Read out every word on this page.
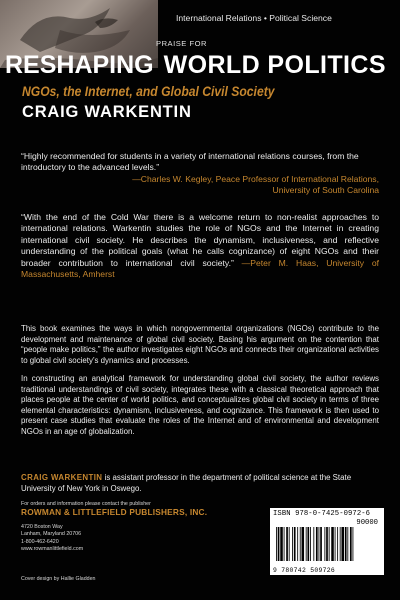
International Relations • Political Science
PRAISE FOR
RESHAPING WORLD POLITICS
NGOs, the Internet, and Global Civil Society
CRAIG WARKENTIN

“Highly recommended for students in a variety of international relations courses, from the introductory to the advanced levels.”

—Charles W. Kegley, Peace Professor of International Relations,

University of South Carolina

“With the end of the Cold War there is a welcome return to non-realist approaches to international relations. Warkentin studies the role of NGOs and the Internet in creating international civil society. He describes the dynamism, inclusiveness, and reflective understanding of the political goals (what he calls cognizance) of eight NGOs and their broader contribution to international civil society.” —Peter M. Haas, University of Massachusetts, Amherst

This book examines the ways in which nongovernmental organizations (NGOs) contribute to the development and maintenance of global civil society. Basing his argument on the contention that “people make politics,” the author investigates eight NGOs and connects their organizational activities to global civil society’s dynamics and processes.

In constructing an analytical framework for understanding global civil society, the author reviews traditional understandings of civil society, integrates these with a classical theoretical approach that places people at the center of world politics, and conceptualizes global civil society in terms of three elemental characteristics: dynamism, inclusiveness, and cognizance. This framework is then used to present case studies that evaluate the roles of the Internet and of environmental and development NGOs in an age of globalization.

CRAIG WARKENTIN is assistant professor in the department of political science at the State University of New York in Oswego.

For orders and information please contact the publisher
ROWMAN & LITTLEFIELD PUBLISHERS, INC.
4720 Boston Way
Lanham, Maryland 20706
1-800-462-6420
www.rowmanlittlefield.com
Cover design by Hallie Gladden
ISBN 978-0-7425-0972-6
90000
9 780742 509726
